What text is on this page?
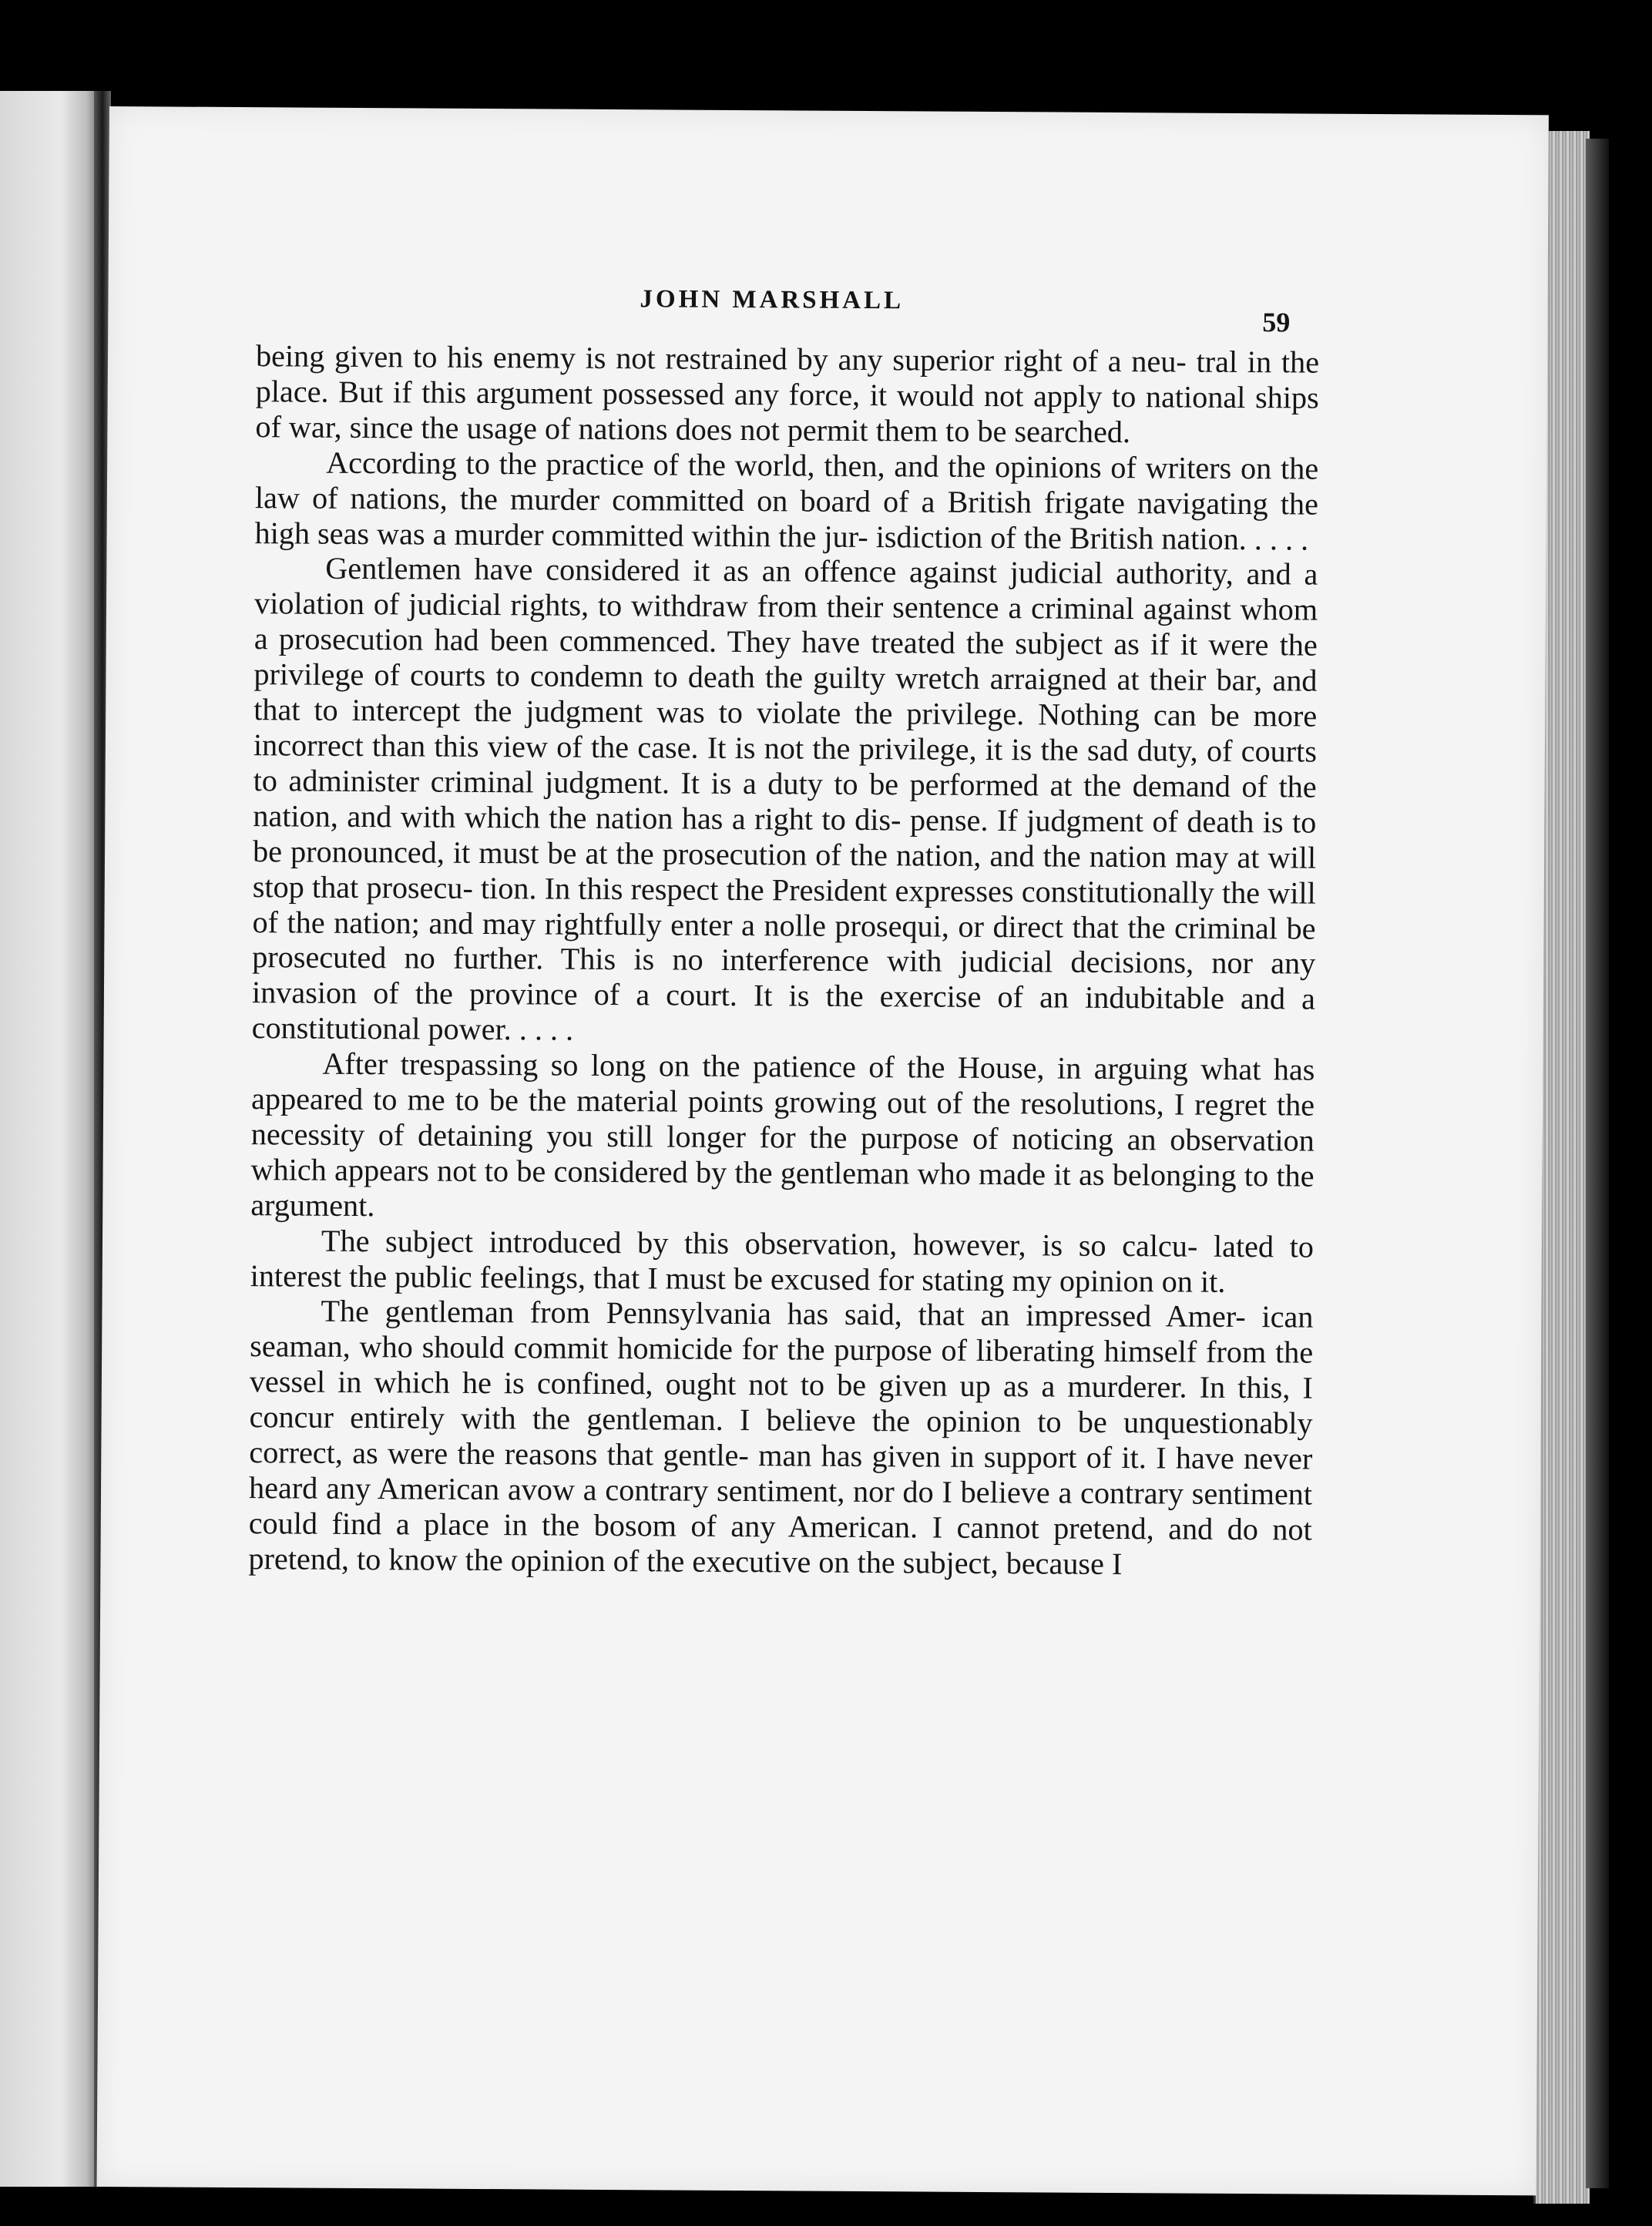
JOHN MARSHALL
59

being given to his enemy is not restrained by any superior right of a neu- tral in the place. But if this argument possessed any force, it would not apply to national ships of war, since the usage of nations does not permit them to be searched.

According to the practice of the world, then, and the opinions of writers on the law of nations, the murder committed on board of a British frigate navigating the high seas was a murder committed within the jur- isdiction of the British nation. . . . .

Gentlemen have considered it as an offence against judicial authority, and a violation of judicial rights, to withdraw from their sentence a criminal against whom a prosecution had been commenced. They have treated the subject as if it were the privilege of courts to condemn to death the guilty wretch arraigned at their bar, and that to intercept the judgment was to violate the privilege. Nothing can be more incorrect than this view of the case. It is not the privilege, it is the sad duty, of courts to administer criminal judgment. It is a duty to be performed at the demand of the nation, and with which the nation has a right to dis- pense. If judgment of death is to be pronounced, it must be at the prosecution of the nation, and the nation may at will stop that prosecu- tion. In this respect the President expresses constitutionally the will of the nation; and may rightfully enter a nolle prosequi, or direct that the criminal be prosecuted no further. This is no interference with judicial decisions, nor any invasion of the province of a court. It is the exercise of an indubitable and a constitutional power. . . . .

After trespassing so long on the patience of the House, in arguing what has appeared to me to be the material points growing out of the resolutions, I regret the necessity of detaining you still longer for the purpose of noticing an observation which appears not to be considered by the gentleman who made it as belonging to the argument.

The subject introduced by this observation, however, is so calcu- lated to interest the public feelings, that I must be excused for stating my opinion on it.

The gentleman from Pennsylvania has said, that an impressed Amer- ican seaman, who should commit homicide for the purpose of liberating himself from the vessel in which he is confined, ought not to be given up as a murderer. In this, I concur entirely with the gentleman. I believe the opinion to be unquestionably correct, as were the reasons that gentle- man has given in support of it. I have never heard any American avow a contrary sentiment, nor do I believe a contrary sentiment could find a place in the bosom of any American. I cannot pretend, and do not pretend, to know the opinion of the executive on the subject, because I
